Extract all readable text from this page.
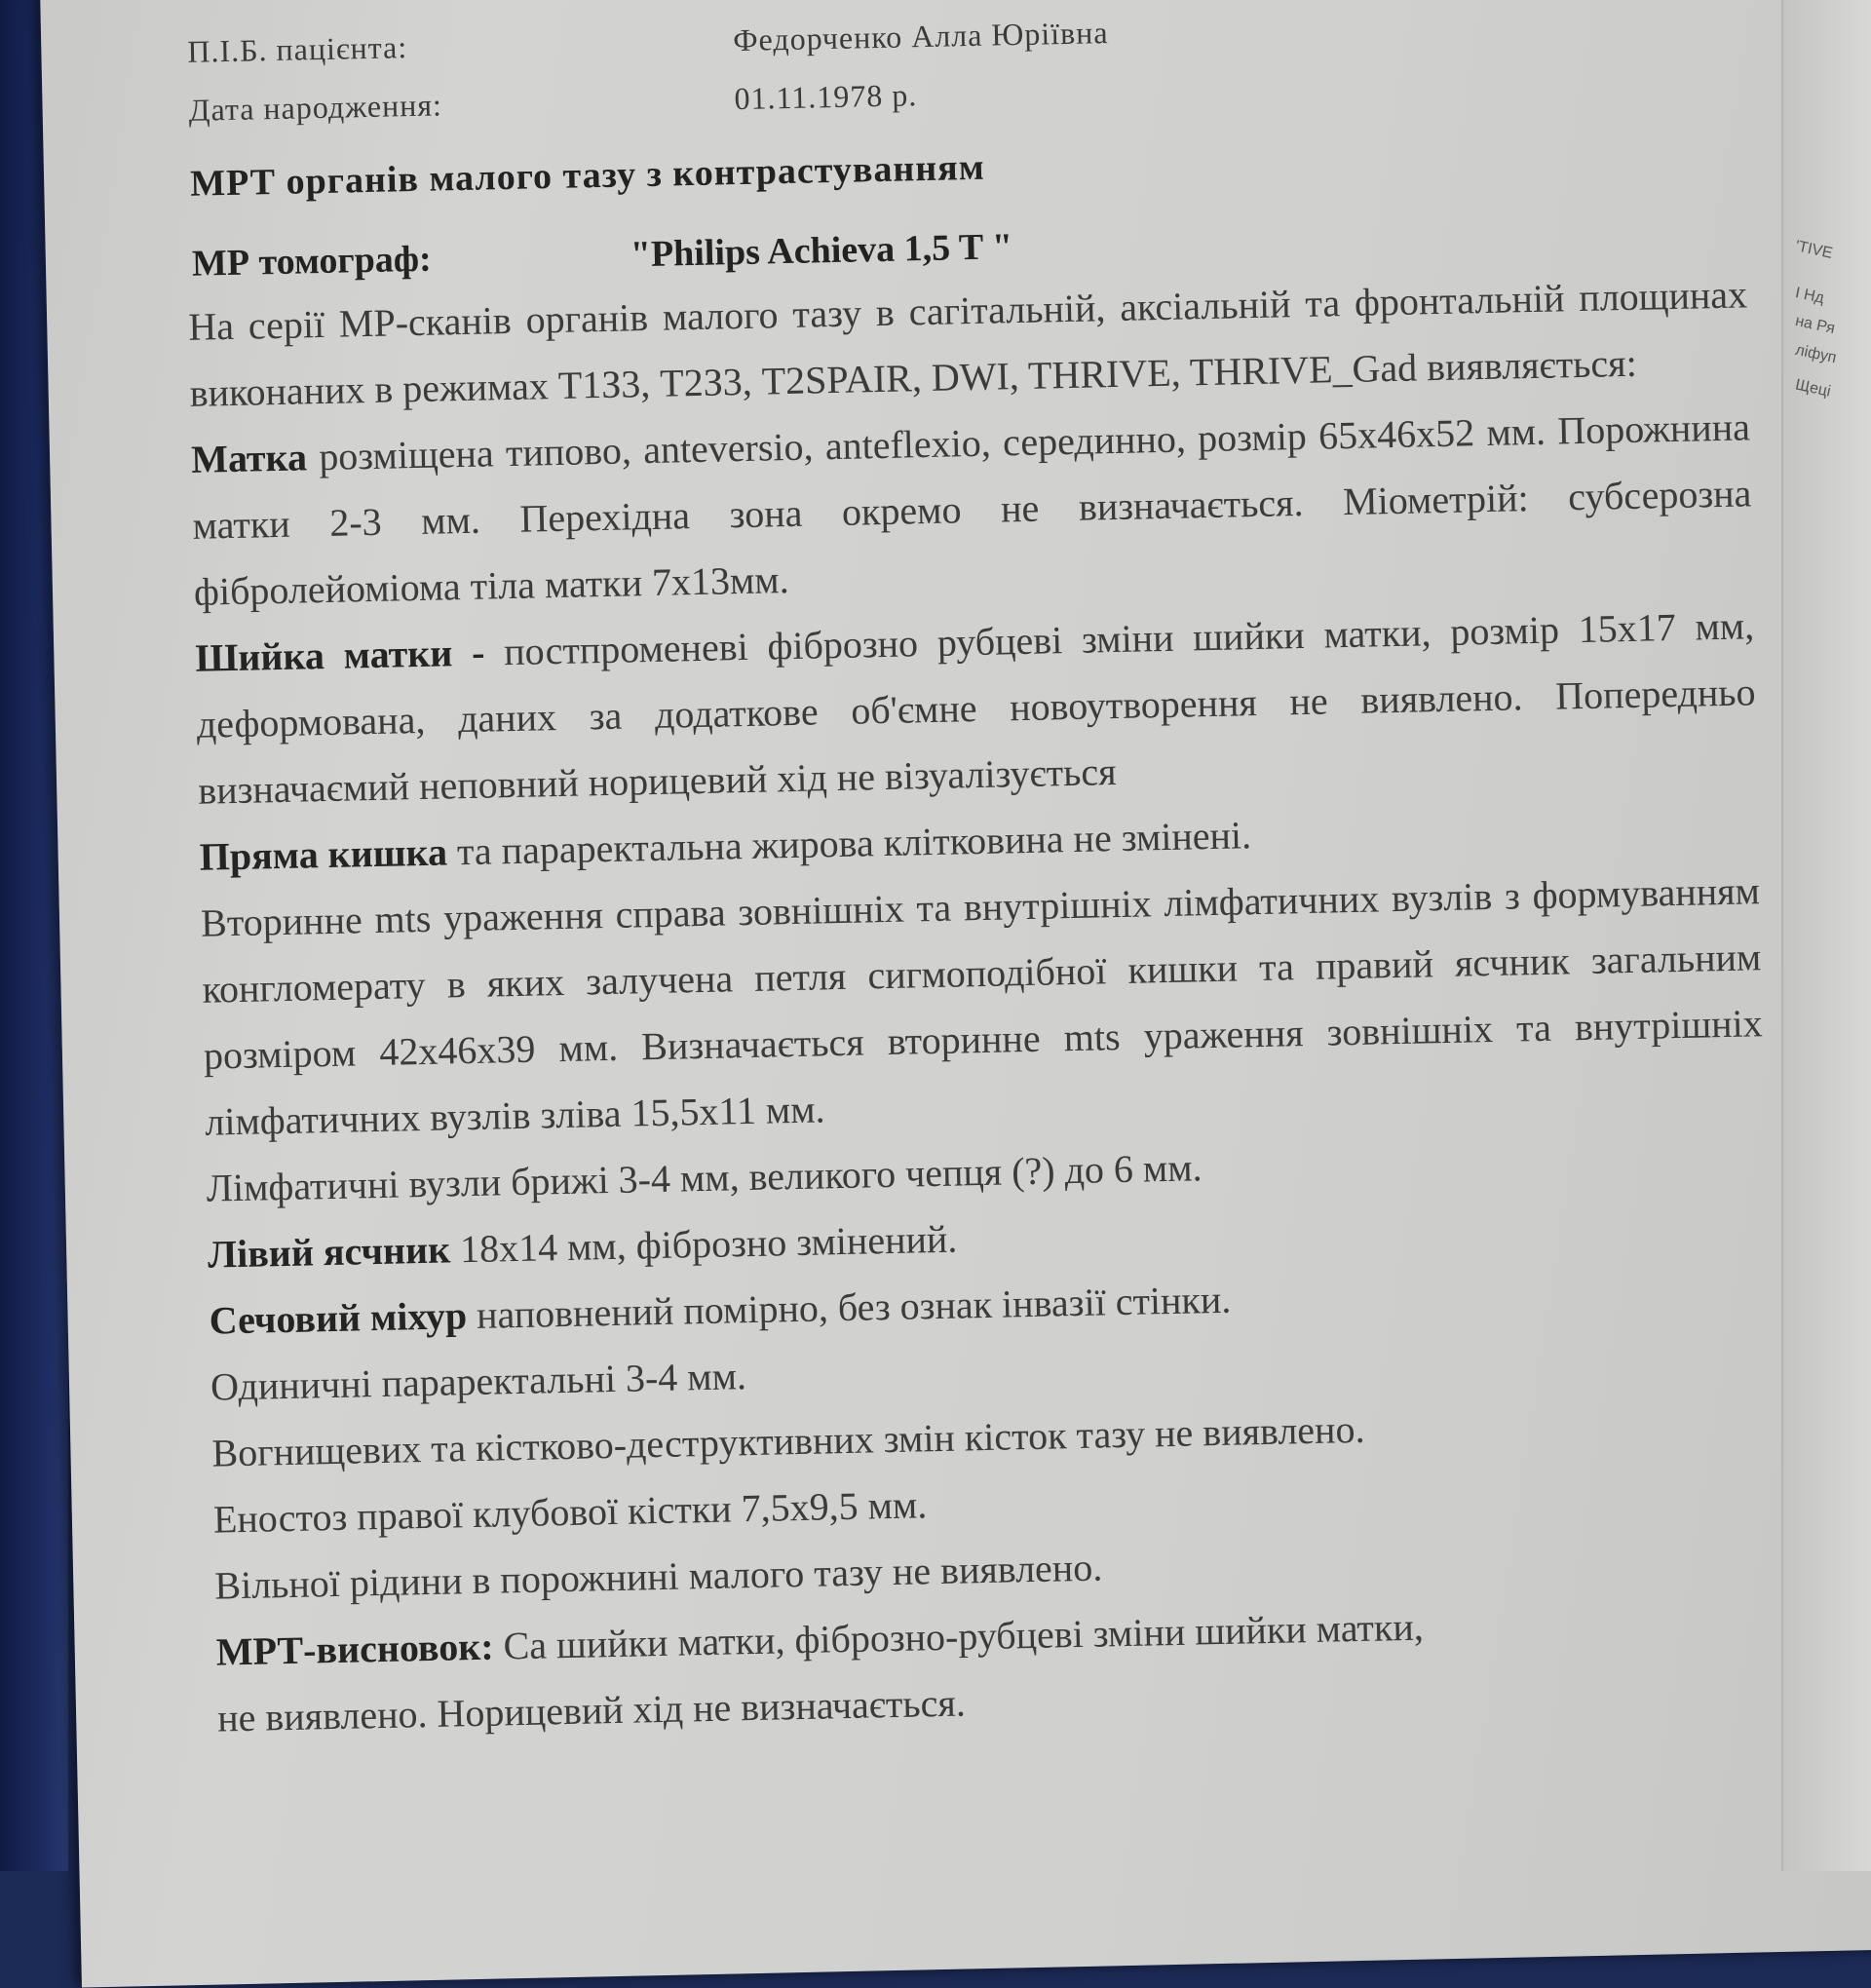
П.І.Б. пацієнта:	Федорченко Алла Юріївна
Дата народження:	01.11.1978 р.
МРТ органів малого тазу з контрастуванням
МР томограф:	"Philips Achieva 1,5 T "

На серії МР-сканів органів малого тазу в сагітальній, аксіальній та фронтальній площинах виконаних в режимах Т1З3, Т2З3, T2SPAIR, DWI, THRIVE, THRIVE_Gad виявляється:

Матка розміщена типово, anteversio, anteflexio, серединно, розмір 65х46х52 мм. Порожнина матки 2-3 мм. Перехідна зона окремо не визначається. Міометрій: субсерозна фібролейоміома тіла матки 7х13мм.

Шийка матки - постпроменеві фіброзно рубцеві зміни шийки матки, розмір 15х17 мм, деформована, даних за додаткове об'ємне новоутворення не виявлено. Попередньо визначаємий неповний норицевий хід не візуалізується

Пряма кишка та параректальна жирова клітковина не змінені.

Вторинне mts ураження справа зовнішніх та внутрішніх лімфатичних вузлів з формуванням конгломерату в яких залучена петля сигмоподібної кишки та правий ясчник загальним розміром 42х46х39 мм. Визначається вторинне mts ураження зовнішніх та внутрішніх лімфатичних вузлів зліва 15,5х11 мм.

Лімфатичні вузли брижі 3-4 мм, великого чепця (?) до 6 мм.

Лівий ясчник 18х14 мм, фіброзно змінений.

Сечовий міхур наповнений помірно, без ознак інвазії стінки.

Одиничні параректальні 3-4 мм.

Вогнищевих та кістково-деструктивних змін кісток тазу не виявлено.

Еностоз правої клубової кістки 7,5х9,5 мм.

Вільної рідини в порожнині малого тазу не виявлено.

МРТ-висновок: Са шийки матки, фіброзно-рубцеві зміни шийки матки,

не виявлено. Норицевий хід не визначається.

'TIVE
І Нд
на Ря
ліфуп
Щеці
